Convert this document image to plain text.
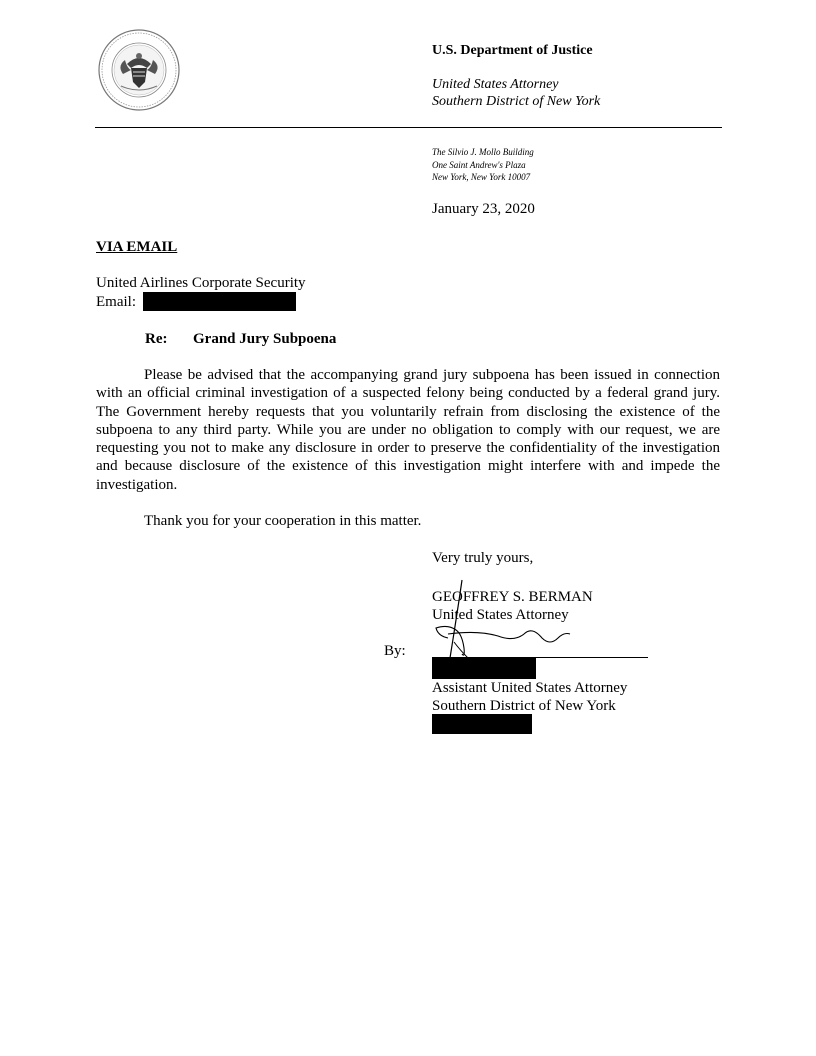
U.S. Department of Justice
United States Attorney
Southern District of New York
The Silvio J. Mollo Building
One Saint Andrew's Plaza
New York, New York 10007
January 23, 2020
VIA EMAIL
United Airlines Corporate Security
Email:
Re: Grand Jury Subpoena

Please be advised that the accompanying grand jury subpoena has been issued in connection with an official criminal investigation of a suspected felony being conducted by a federal grand jury. The Government hereby requests that you voluntarily refrain from disclosing the existence of the subpoena to any third party. While you are under no obligation to comply with our request, we are requesting you not to make any disclosure in order to preserve the confidentiality of the investigation and because disclosure of the existence of this investigation might interfere with and impede the investigation.

Thank you for your cooperation in this matter.
Very truly yours,
GEOFFREY S. BERMAN
United States Attorney
By:
Assistant United States Attorney
Southern District of New York
